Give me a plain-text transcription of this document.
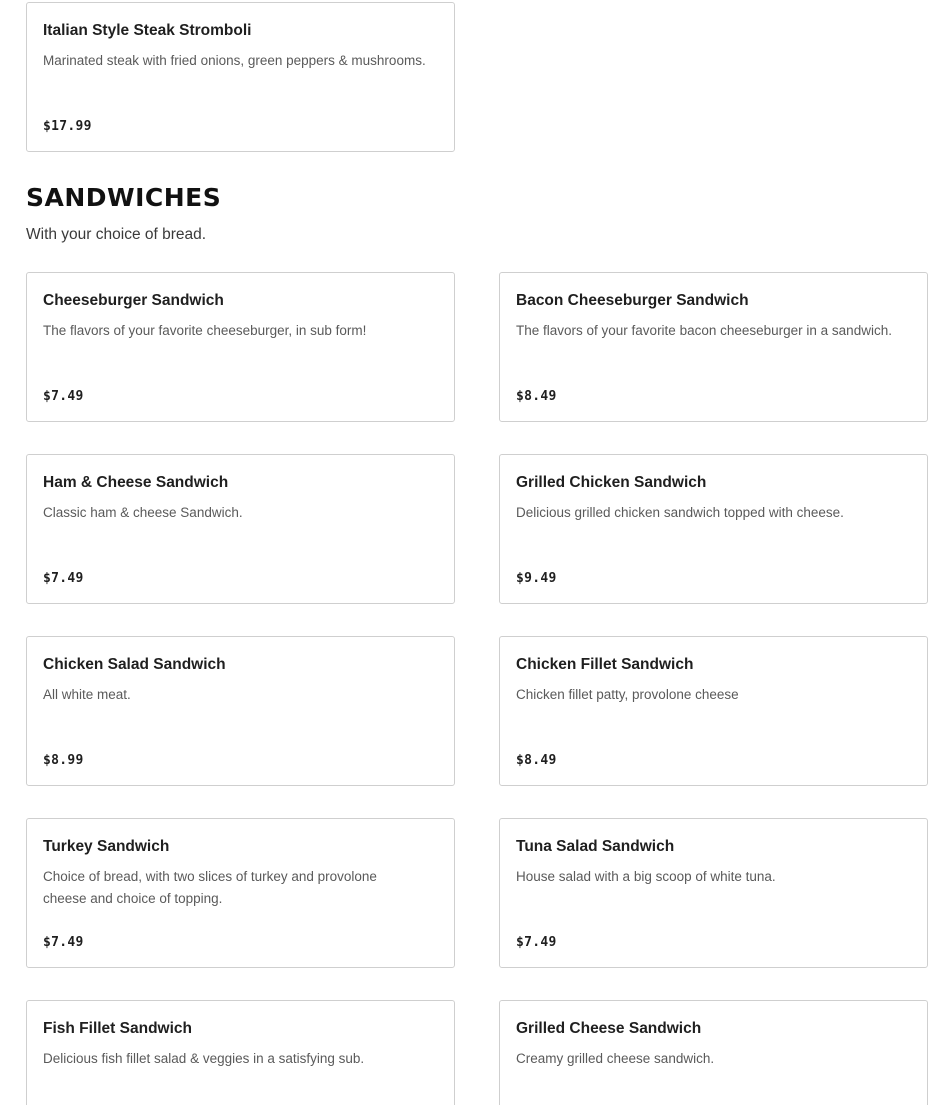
Italian Style Steak Stromboli
Marinated steak with fried onions, green peppers & mushrooms.
$17.99
SANDWICHES

With your choice of bread.

Cheeseburger Sandwich
The flavors of your favorite cheeseburger, in sub form!
$7.49
Bacon Cheeseburger Sandwich
The flavors of your favorite bacon cheeseburger in a sandwich.
$8.49
Ham & Cheese Sandwich
Classic ham & cheese Sandwich.
$7.49
Grilled Chicken Sandwich
Delicious grilled chicken sandwich topped with cheese.
$9.49
Chicken Salad Sandwich
All white meat.
$8.99
Chicken Fillet Sandwich
Chicken fillet patty, provolone cheese
$8.49
Turkey Sandwich
Choice of bread, with two slices of turkey and provolone cheese and choice of topping.
$7.49
Tuna Salad Sandwich
House salad with a big scoop of white tuna.
$7.49
Fish Fillet Sandwich
Delicious fish fillet salad & veggies in a satisfying sub.
Grilled Cheese Sandwich
Creamy grilled cheese sandwich.
